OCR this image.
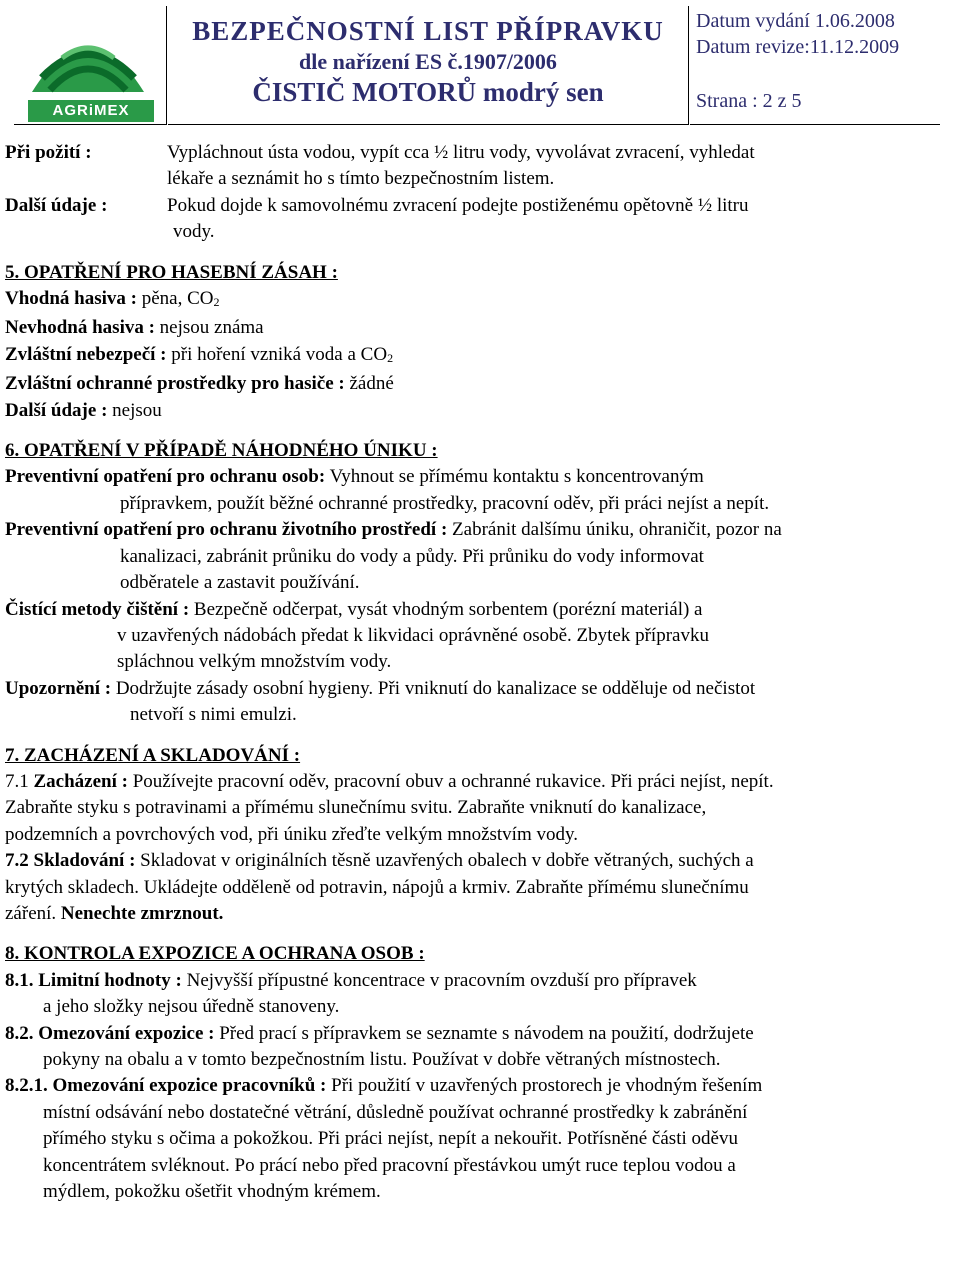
AGRiMEX
BEZPEČNOSTNÍ LIST PŘÍPRAVKU
dle nařízení ES č.1907/2006
ČISTIČ MOTORŮ modrý sen
Datum vydání 1.06.2008
Datum revize:11.12.2009
Strana : 2 z 5
Při požití :	Vypláchnout ústa vodou, vypít cca ½ litru vody, vyvolávat zvracení, vyhledat
lékaře a seznámit ho s tímto bezpečnostním listem.
Další údaje :	Pokud dojde k samovolnému zvracení podejte postiženému opětovně ½ litru
vody.
5. OPATŘENÍ PRO HASEBNÍ ZÁSAH :
Vhodná hasiva : pěna, $CO_2$
Nevhodná hasiva : nejsou známa
Zvláštní nebezpečí : při hoření vzniká voda a $CO_2$
Zvláštní ochranné prostředky pro hasiče : žádné
Další údaje : nejsou
6. OPATŘENÍ V PŘÍPADĚ NÁHODNÉHO ÚNIKU :
Preventivní opatření pro ochranu osob: Vyhnout se přímému kontaktu s koncentrovaným
přípravkem, použít běžné ochranné prostředky, pracovní oděv, při práci nejíst a nepít.
Preventivní opatření pro ochranu životního prostředí : Zabránit dalšímu úniku, ohraničit, pozor na
kanalizaci, zabránit průniku do vody a půdy. Při průniku do vody informovat
odběratele a zastavit používání.
Čistící metody čištění : Bezpečně odčerpat, vysát vhodným sorbentem (porézní materiál) a
v uzavřených nádobách předat k likvidaci oprávněné osobě. Zbytek přípravku
spláchnou velkým množstvím vody.
Upozornění : Dodržujte zásady osobní hygieny. Při vniknutí do kanalizace se odděluje od nečistot
netvoří s nimi emulzi.
7. ZACHÁZENÍ A SKLADOVÁNÍ :
7.1 Zacházení : Používejte pracovní oděv, pracovní obuv a ochranné rukavice. Při práci nejíst, nepít.
Zabraňte styku s potravinami a přímému slunečnímu svitu. Zabraňte vniknutí do kanalizace,
podzemních a povrchových vod, při úniku zřeďte velkým množstvím vody.
7.2 Skladování : Skladovat v originálních těsně uzavřených obalech v dobře větraných, suchých a
krytých skladech. Ukládejte odděleně od potravin, nápojů a krmiv. Zabraňte přímému slunečnímu
záření. Nenechte zmrznout.
8. KONTROLA EXPOZICE A OCHRANA OSOB :
8.1. Limitní hodnoty : Nejvyšší přípustné koncentrace v pracovním ovzduší pro přípravek
a jeho složky nejsou úředně stanoveny.
8.2. Omezování expozice : Před prací s přípravkem se seznamte s návodem na použití, dodržujete
pokyny na obalu a v tomto bezpečnostním listu. Používat v dobře větraných místnostech.
8.2.1. Omezování expozice pracovníků : Při použití v uzavřených prostorech je vhodným řešením
místní odsávání nebo dostatečné větrání, důsledně používat ochranné prostředky k zabránění
přímého styku s očima a pokožkou. Při práci nejíst, nepít a nekouřit. Potřísněné části oděvu
koncentrátem svléknout. Po prácí nebo před pracovní přestávkou umýt ruce teplou vodou a
mýdlem, pokožku ošetřit vhodným krémem.
